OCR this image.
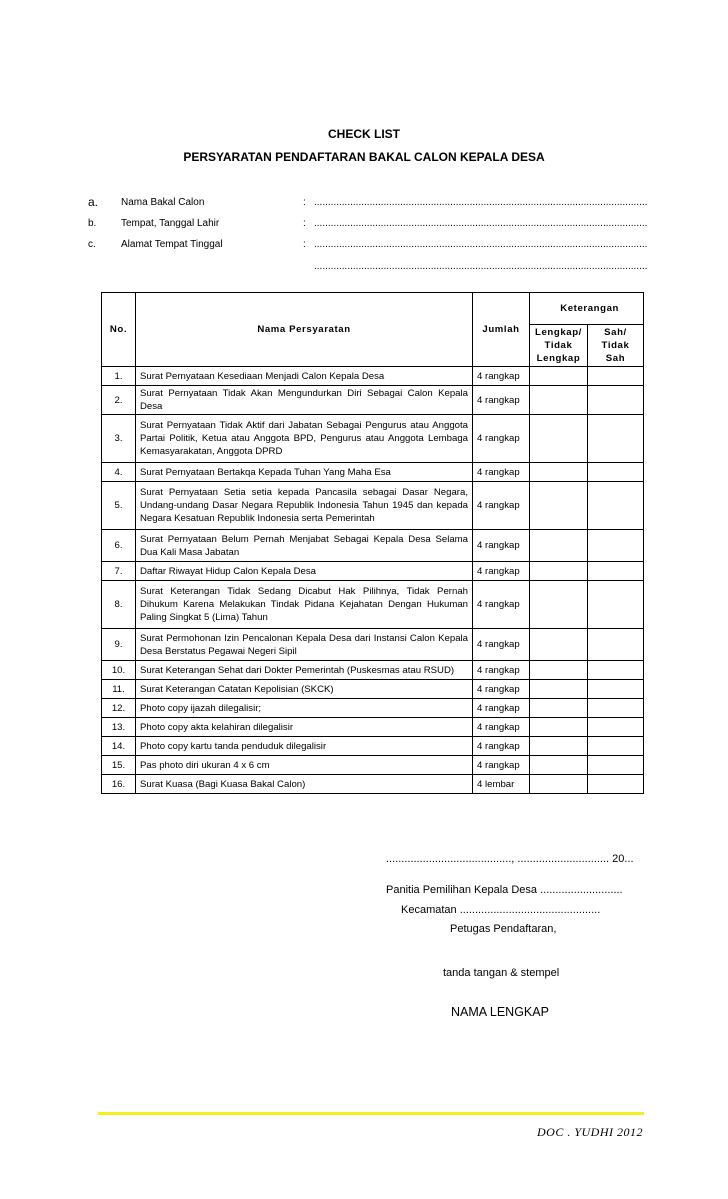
CHECK LIST
PERSYARATAN PENDAFTARAN BAKAL CALON KEPALA DESA
a. Nama Bakal Calon	: ........................................................................................................................
b. Tempat, Tanggal Lahir	: ........................................................................................................................
c.	Alamat Tempat Tinggal	: ........................................................................................................................
........................................................................................................................
No.	Nama Persyaratan	Jumlah	Keterangan	
			Lengkap/ Tidak Lengkap	Sah/ Tidak Sah
1.	Surat Pernyataan Kesediaan Menjadi Calon Kepala Desa	4 rangkap		
2.	Surat Pernyataan Tidak Akan Mengundurkan Diri Sebagai Calon Kepala Desa	4 rangkap		
3.	Surat Pernyataan Tidak Aktif dari Jabatan Sebagai Pengurus atau Anggota Partai Politik, Ketua atau Anggota BPD, Pengurus atau Anggota Lembaga Kemasyarakatan, Anggota DPRD	4 rangkap		
4.	Surat Pernyataan Bertakqa Kepada Tuhan Yang Maha Esa	4 rangkap		
5.	Surat Pernyataan Setia setia kepada Pancasila sebagai Dasar Negara, Undang-undang Dasar Negara Republik Indonesia Tahun 1945 dan kepada Negara Kesatuan Republik Indonesia serta Pemerintah	4 rangkap		
6.	Surat Pernyataan Belum Pernah Menjabat Sebagai Kepala Desa Selama Dua Kali Masa Jabatan	4 rangkap		
7.	Daftar Riwayat Hidup Calon Kepala Desa	4 rangkap		
8.	Surat Keterangan Tidak Sedang Dicabut Hak Pilihnya, Tidak Pernah Dihukum Karena Melakukan Tindak Pidana Kejahatan Dengan Hukuman Paling Singkat 5 (Lima) Tahun	4 rangkap		
9.	Surat Permohonan Izin Pencalonan Kepala Desa dari Instansi Calon Kepala Desa Berstatus Pegawai Negeri Sipil	4 rangkap		
10.	Surat Keterangan Sehat dari Dokter Pemerintah (Puskesmas atau RSUD)	4 rangkap		
11.	Surat Keterangan Catatan Kepolisian (SKCK)	4 rangkap		
12.	Photo copy ijazah dilegalisir;	4 rangkap		
13.	Photo copy akta kelahiran dilegalisir	4 rangkap		
14.	Photo copy kartu tanda penduduk dilegalisir	4 rangkap		
15.	Pas photo diri ukuran 4 x 6 cm	4 rangkap		
16.	Surat Kuasa (Bagi Kuasa Bakal Calon)	4 lembar		
........................................., .............................. 20...
Panitia Pemilihan Kepala Desa ...........................
Kecamatan ..............................................
Petugas Pendaftaran,
tanda tangan & stempel
NAMA LENGKAP
DOC . YUDHI 2012
